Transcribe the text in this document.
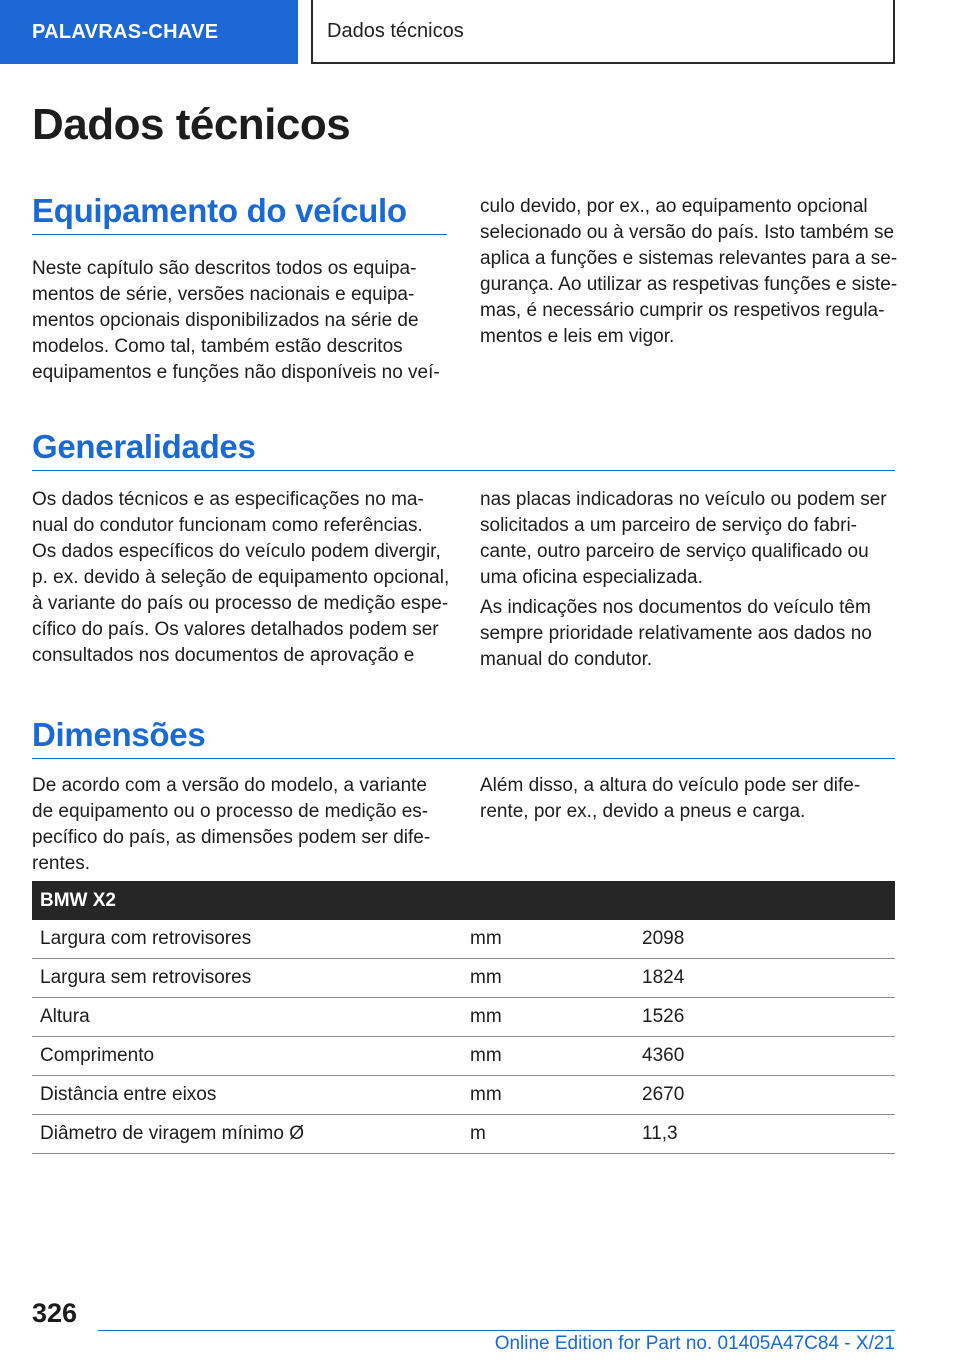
PALAVRAS-CHAVE	Dados técnicos
Dados técnicos
Equipamento do veículo

Neste capítulo são descritos todos os equipa-mentos de série, versões nacionais e equipa-mentos opcionais disponibilizados na série de modelos. Como tal, também estão descritos equipamentos e funções não disponíveis no veí-

culo devido, por ex., ao equipamento opcional selecionado ou à versão do país. Isto também se aplica a funções e sistemas relevantes para a se-gurança. Ao utilizar as respetivas funções e siste-mas, é necessário cumprir os respetivos regula-mentos e leis em vigor.

Generalidades

Os dados técnicos e as especificações no ma-nual do condutor funcionam como referências. Os dados específicos do veículo podem divergir, p. ex. devido à seleção de equipamento opcional, à variante do país ou processo de medição espe-cífico do país. Os valores detalhados podem ser consultados nos documentos de aprovação e

nas placas indicadoras no veículo ou podem ser solicitados a um parceiro de serviço do fabri-cante, outro parceiro de serviço qualificado ou uma oficina especializada.

As indicações nos documentos do veículo têm sempre prioridade relativamente aos dados no manual do condutor.

Dimensões

De acordo com a versão do modelo, a variante de equipamento ou o processo de medição es-pecífico do país, as dimensões podem ser dife-rentes.

Além disso, a altura do veículo pode ser dife-rente, por ex., devido a pneus e carga.

BMW X2		
Largura com retrovisores	mm	2098
Largura sem retrovisores	mm	1824
Altura	mm	1526
Comprimento	mm	4360
Distância entre eixos	mm	2670
Diâmetro de viragem mínimo Ø	m	11,3

326

Online Edition for Part no. 01405A47C84 - X/21
